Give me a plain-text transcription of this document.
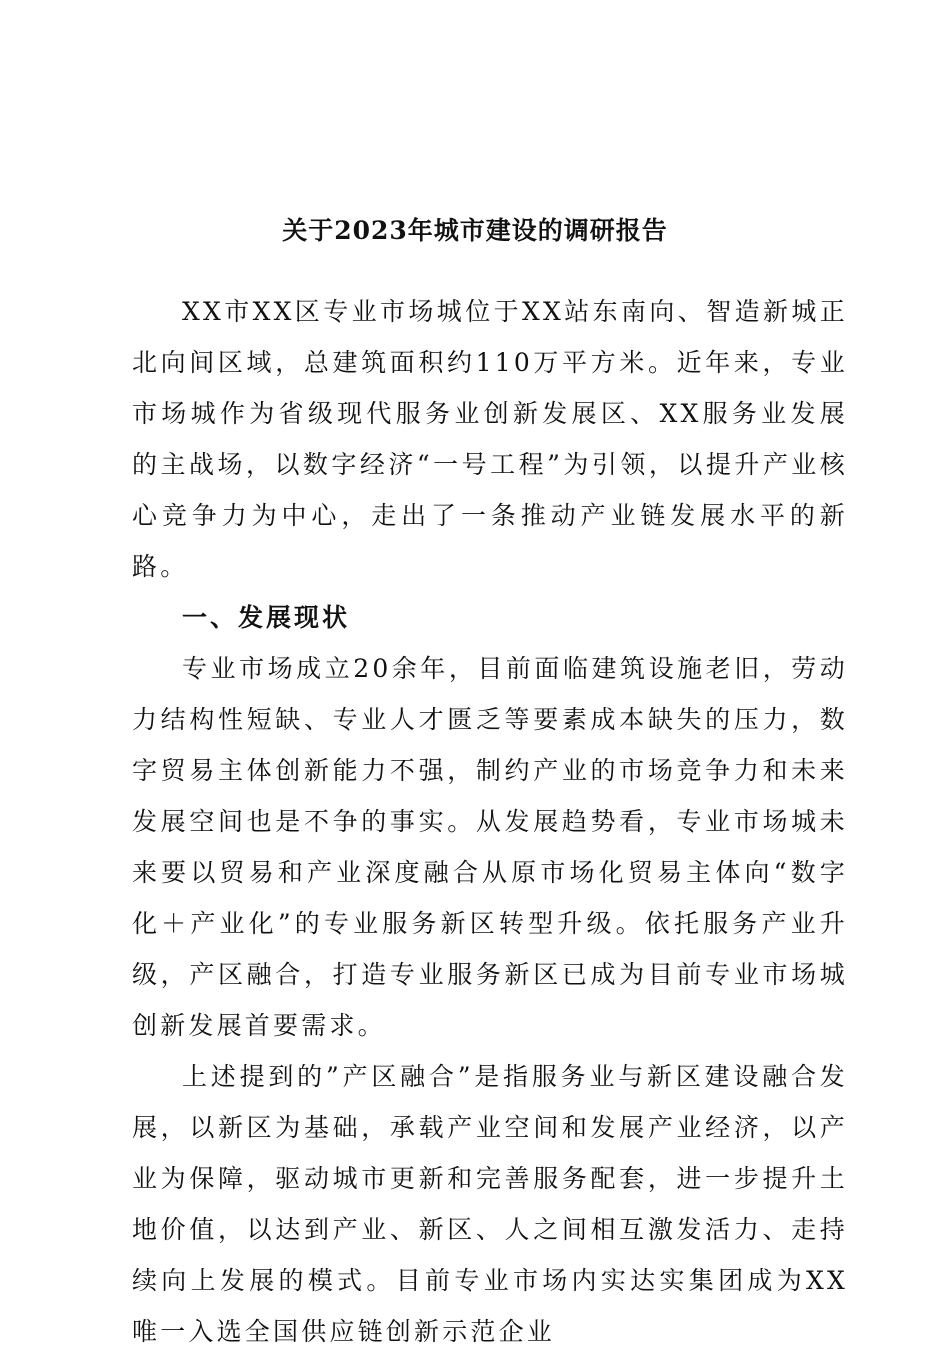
关于2023年城市建设的调研报告

XX市XX区专业市场城位于XX站东南向、智造新城正北向间区域，总建筑面积约110万平方米。近年来，专业市场城作为省级现代服务业创新发展区、XX服务业发展的主战场，以数字经济“一号工程”为引领，以提升产业核心竞争力为中心，走出了一条推动产业链发展水平的新路。

一、发展现状

专业市场成立20余年，目前面临建筑设施老旧，劳动力结构性短缺、专业人才匮乏等要素成本缺失的压力，数字贸易主体创新能力不强，制约产业的市场竞争力和未来发展空间也是不争的事实。从发展趋势看，专业市场城未来要以贸易和产业深度融合从原市场化贸易主体向“数字化＋产业化”的专业服务新区转型升级。依托服务产业升级，产区融合，打造专业服务新区已成为目前专业市场城创新发展首要需求。

上述提到的”产区融合”是指服务业与新区建设融合发展，以新区为基础，承载产业空间和发展产业经济，以产业为保障，驱动城市更新和完善服务配套，进一步提升土地价值，以达到产业、新区、人之间相互激发活力、走持续向上发展的模式。目前专业市场内实达实集团成为XX唯一入选全国供应链创新示范企业
